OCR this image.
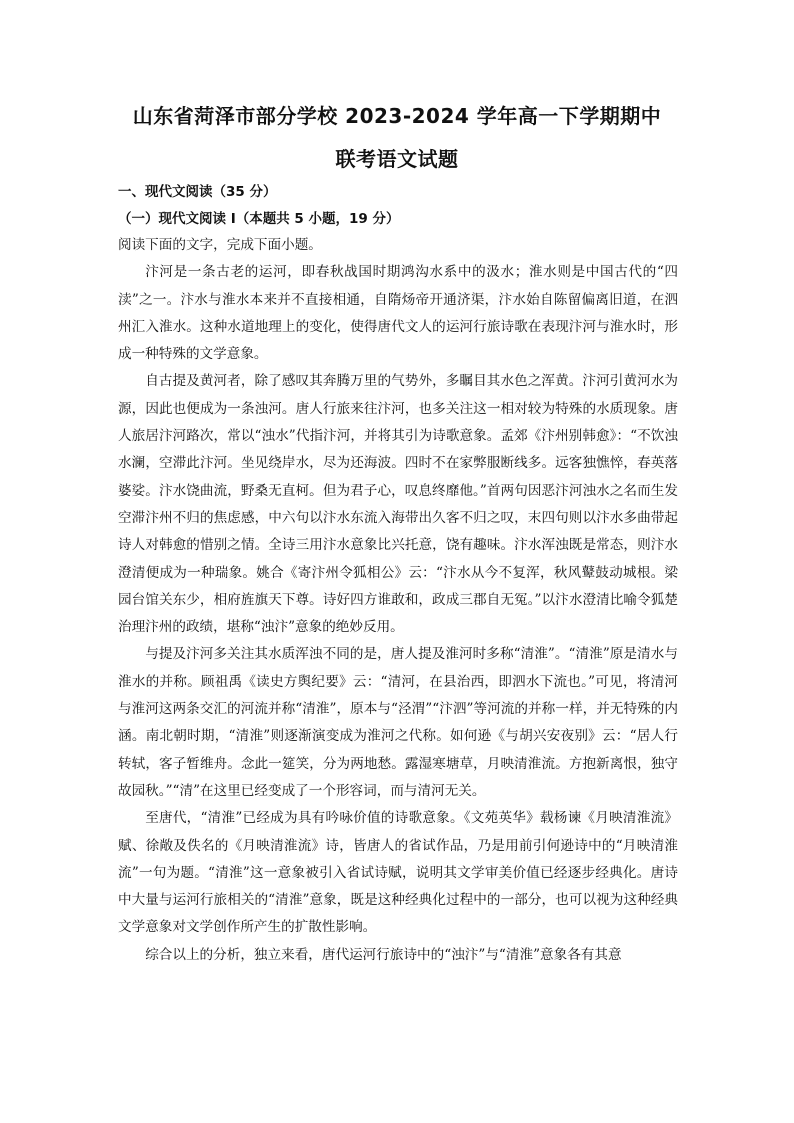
山东省菏泽市部分学校 2023-2024 学年高一下学期期中
联考语文试题
一、现代文阅读（35 分）
（一）现代文阅读 I（本题共 5 小题，19 分）

阅读下面的文字，完成下面小题。

汴河是一条古老的运河，即春秋战国时期鸿沟水系中的汲水；淮水则是中国古代的“四渎”之一。汴水与淮水本来并不直接相通，自隋炀帝开通济渠，汴水始自陈留偏离旧道，在泗州汇入淮水。这种水道地理上的变化，使得唐代文人的运河行旅诗歌在表现汴河与淮水时，形成一种特殊的文学意象。

自古提及黄河者，除了感叹其奔腾万里的气势外，多瞩目其水色之浑黄。汴河引黄河水为源，因此也便成为一条浊河。唐人行旅来往汴河，也多关注这一相对较为特殊的水质现象。唐人旅居汴河路次，常以“浊水”代指汴河，并将其引为诗歌意象。孟郊《汴州别韩愈》：“不饮浊水澜，空滞此汴河。坐见绕岸水，尽为还海波。四时不在家弊服断线多。远客独憔悴，春英落婆娑。汴水饶曲流，野桑无直柯。但为君子心，叹息终靡他。”首两句因恶汴河浊水之名而生发空滞汴州不归的焦虑感，中六句以汴水东流入海带出久客不归之叹，末四句则以汴水多曲带起诗人对韩愈的惜别之情。全诗三用汴水意象比兴托意，饶有趣味。汴水浑浊既是常态，则汴水澄清便成为一种瑞象。姚合《寄汴州令狐相公》云：“汴水从今不复浑，秋风鼙鼓动城根。梁园台馆关东少，相府旌旗天下尊。诗好四方谁敢和，政成三郡自无冤。”以汴水澄清比喻令狐楚治理汴州的政绩，堪称“浊汴”意象的绝妙反用。

与提及汴河多关注其水质浑浊不同的是，唐人提及淮河时多称“清淮”。“清淮”原是清水与淮水的并称。顾祖禹《读史方舆纪要》云：“清河，在县治西，即泗水下流也。”可见，将清河与淮河这两条交汇的河流并称“清淮”，原本与“泾渭”“汴泗”等河流的并称一样，并无特殊的内涵。南北朝时期，“清淮”则逐渐演变成为淮河之代称。如何逊《与胡兴安夜别》云：“居人行转轼，客子暂维舟。念此一筵笑，分为两地愁。露湿寒塘草，月映清淮流。方抱新离恨，独守故园秋。”“清”在这里已经变成了一个形容词，而与清河无关。

至唐代，“清淮”已经成为具有吟咏价值的诗歌意象。《文苑英华》载杨谏《月映清淮流》赋、徐敞及佚名的《月映清淮流》诗，皆唐人的省试作品，乃是用前引何逊诗中的“月映清淮流”一句为题。“清淮”这一意象被引入省试诗赋，说明其文学审美价值已经逐步经典化。唐诗中大量与运河行旅相关的“清淮”意象，既是这种经典化过程中的一部分，也可以视为这种经典文学意象对文学创作所产生的扩散性影响。

综合以上的分析，独立来看，唐代运河行旅诗中的“浊汴”与“清淮”意象各有其意
